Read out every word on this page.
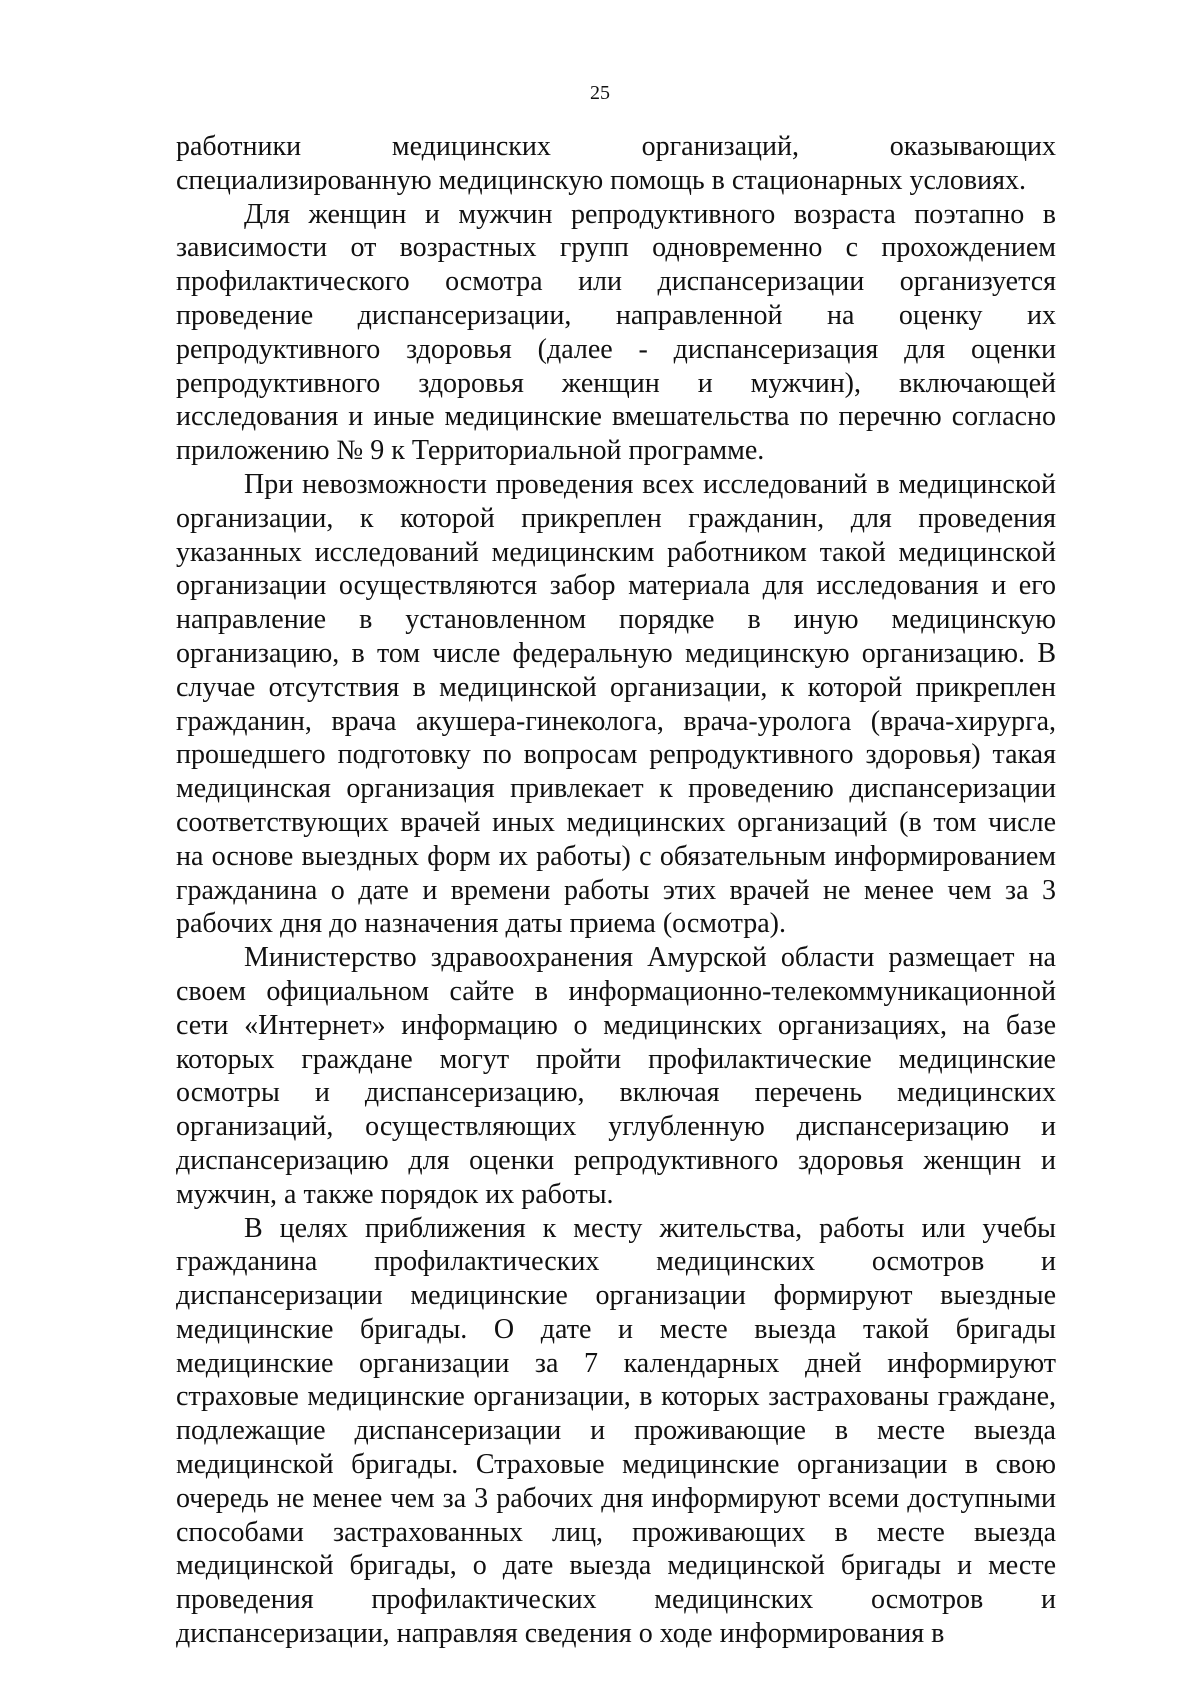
25

работники медицинских организаций, оказывающих специализированную медицинскую помощь в стационарных условиях.

Для женщин и мужчин репродуктивного возраста поэтапно в зависимости от возрастных групп одновременно с прохождением профилактического осмотра или диспансеризации организуется проведение диспансеризации, направленной на оценку их репродуктивного здоровья (далее - диспансеризация для оценки репродуктивного здоровья женщин и мужчин), включающей исследования и иные медицинские вмешательства по перечню согласно приложению № 9 к Территориальной программе.

При невозможности проведения всех исследований в медицинской организации, к которой прикреплен гражданин, для проведения указанных исследований медицинским работником такой медицинской организации осуществляются забор материала для исследования и его направление в установленном порядке в иную медицинскую организацию, в том числе федеральную медицинскую организацию. В случае отсутствия в медицинской организации, к которой прикреплен гражданин, врача акушера-гинеколога, врача-уролога (врача-хирурга, прошедшего подготовку по вопросам репродуктивного здоровья) такая медицинская организация привлекает к проведению диспансеризации соответствующих врачей иных медицинских организаций (в том числе на основе выездных форм их работы) с обязательным информированием гражданина о дате и времени работы этих врачей не менее чем за 3 рабочих дня до назначения даты приема (осмотра).

Министерство здравоохранения Амурской области размещает на своем официальном сайте в информационно-телекоммуникационной сети «Интернет» информацию о медицинских организациях, на базе которых граждане могут пройти профилактические медицинские осмотры и диспансеризацию, включая перечень медицинских организаций, осуществляющих углубленную диспансеризацию и диспансеризацию для оценки репродуктивного здоровья женщин и мужчин, а также порядок их работы.

В целях приближения к месту жительства, работы или учебы гражданина профилактических медицинских осмотров и диспансеризации медицинские организации формируют выездные медицинские бригады. О дате и месте выезда такой бригады медицинские организации за 7 календарных дней информируют страховые медицинские организации, в которых застрахованы граждане, подлежащие диспансеризации и проживающие в месте выезда медицинской бригады. Страховые медицинские организации в свою очередь не менее чем за 3 рабочих дня информируют всеми доступными способами застрахованных лиц, проживающих в месте выезда медицинской бригады, о дате выезда медицинской бригады и месте проведения профилактических медицинских осмотров и диспансеризации, направляя сведения о ходе информирования в
